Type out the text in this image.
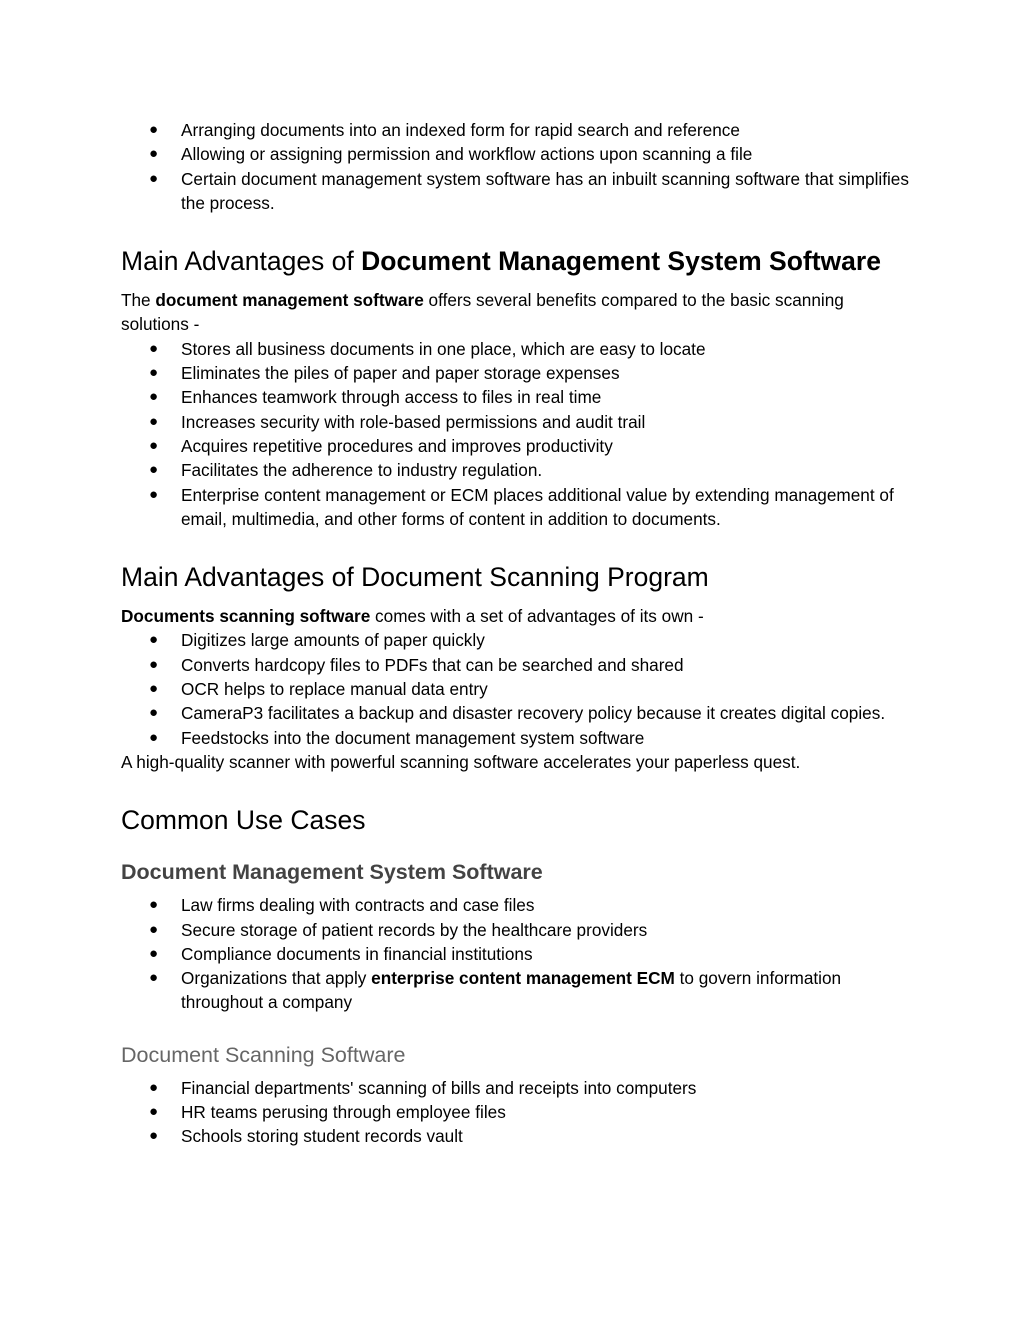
● Arranging documents into an indexed form for rapid search and reference
● Allowing or assigning permission and workflow actions upon scanning a file
● Certain document management system software has an inbuilt scanning software that simplifies the process.
Main Advantages of Document Management System Software

The document management software offers several benefits compared to the basic scanning solutions -

● Stores all business documents in one place, which are easy to locate
● Eliminates the piles of paper and paper storage expenses
● Enhances teamwork through access to files in real time
● Increases security with role-based permissions and audit trail
● Acquires repetitive procedures and improves productivity
● Facilitates the adherence to industry regulation.
● Enterprise content management or ECM places additional value by extending management of email, multimedia, and other forms of content in addition to documents.
Main Advantages of Document Scanning Program

Documents scanning software comes with a set of advantages of its own -

● Digitizes large amounts of paper quickly
● Converts hardcopy files to PDFs that can be searched and shared
● OCR helps to replace manual data entry
● CameraP3 facilitates a backup and disaster recovery policy because it creates digital copies.
● Feedstocks into the document management system software

A high-quality scanner with powerful scanning software accelerates your paperless quest.

Common Use Cases
Document Management System Software
● Law firms dealing with contracts and case files
● Secure storage of patient records by the healthcare providers
● Compliance documents in financial institutions
● Organizations that apply enterprise content management ECM to govern information throughout a company
Document Scanning Software
● Financial departments' scanning of bills and receipts into computers
● HR teams perusing through employee files
● Schools storing student records vault
